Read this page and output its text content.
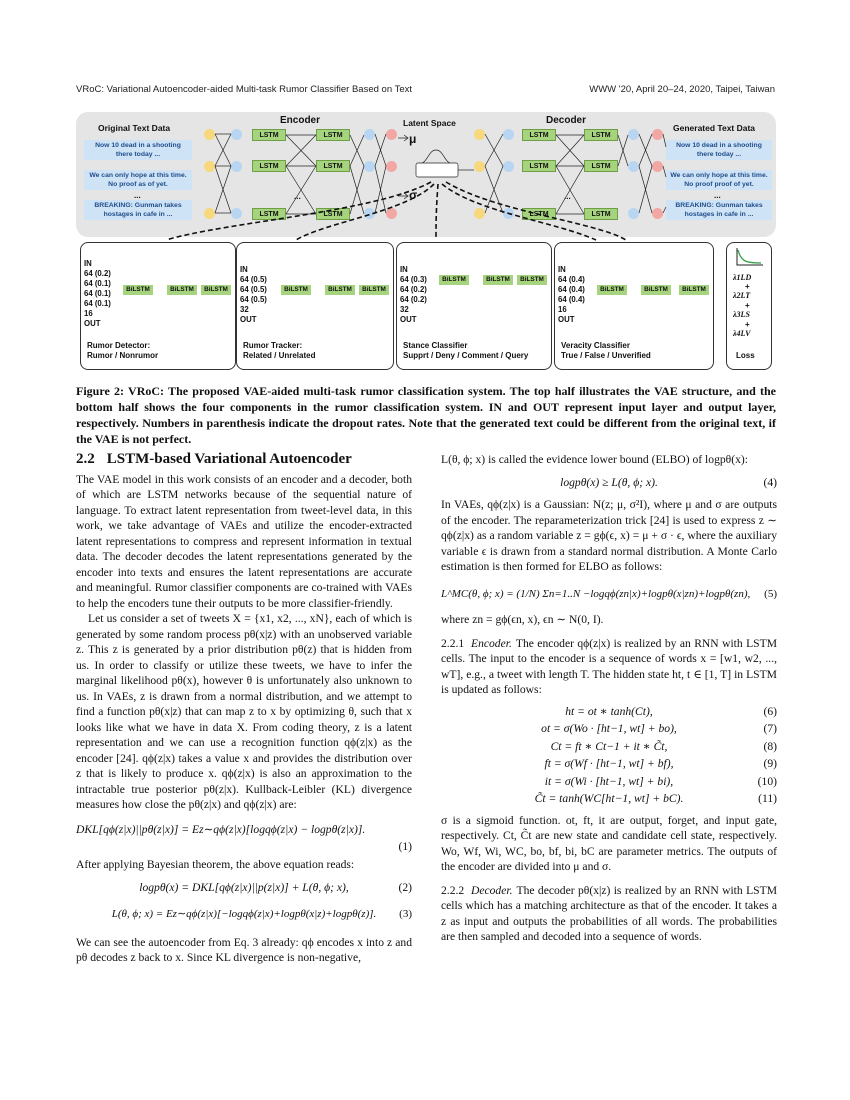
VRoC: Variational Autoencoder-aided Multi-task Rumor Classifier Based on Text	WWW '20, April 20–24, 2020, Taipei, Taiwan
Original Text Data
Encoder	Latent Space	Decoder
Generated Text Data
Now 10 dead in a shooting there today ...
We can only hope at this time. No proof as of yet.
...
BREAKING: Gunman takes hostages in cafe in ...
Now 10 dead in a shooting there today ...
We can only hope at this time. No proof proof of yet.
...
BREAKING: Gunman takes hostages in cafe in ...
LSTM
LSTM
LSTM
LSTM
LSTM
LSTM
...
μ
σ
LSTM
LSTM
LSTM
LSTM
LSTM
LSTM
...
IN
64 (0.2)
64 (0.1)
64 (0.1)
64 (0.1)
16
OUT
BiLSTM	BiLSTM	BiLSTM
Rumor Detector:
Rumor / Nonrumor
IN
64 (0.5)
64 (0.5)
64 (0.5)
32
OUT
BiLSTM	BiLSTM	BiLSTM
Rumor Tracker:
Related / Unrelated
IN
64 (0.3)
64 (0.2)
64 (0.2)
32
OUT
BiLSTM	BiLSTM	BiLSTM
Stance Classifier
Supprt / Deny / Comment / Query
IN
64 (0.4)
64 (0.4)
64 (0.4)
16
OUT
BiLSTM	BiLSTM	BiLSTM
Veracity Classifier
True / False / Unverified
λ1LD
+
λ2LT
+
λ3LS
+
λ4LV
Loss
Figure 2: VRoC: The proposed VAE-aided multi-task rumor classification system. The top half illustrates the VAE structure, and the bottom half shows the four components in the rumor classification system. IN and OUT represent input layer and output layer, respectively. Numbers in parenthesis indicate the dropout rates. Note that the generated text could be different from the original text, if the VAE is not perfect.
2.2 LSTM-based Variational Autoencoder

The VAE model in this work consists of an encoder and a decoder, both of which are LSTM networks because of the sequential nature of language. To extract latent representation from tweet-level data, in this work, we take advantage of VAEs and utilize the encoder-extracted latent representations to compress and represent information in textual data. The decoder decodes the latent representations generated by the encoder into texts and ensures the latent representations are accurate and meaningful. Rumor classifier components are co-trained with VAEs to help the encoders tune their outputs to be more classifier-friendly.

Let us consider a set of tweets X = {x1, x2, ..., xN}, each of which is generated by some random process pθ(x|z) with an unobserved variable z. This z is generated by a prior distribution pθ(z) that is hidden from us. In order to classify or utilize these tweets, we have to infer the marginal likelihood pθ(x), however θ is unfortunately also unknown to us. In VAEs, z is drawn from a normal distribution, and we attempt to find a function pθ(x|z) that can map z to x by optimizing θ, such that x looks like what we have in data X. From coding theory, z is a latent representation and we can use a recognition function qϕ(z|x) as the encoder [24]. qϕ(z|x) takes a value x and provides the distribution over z that is likely to produce x. qϕ(z|x) is also an approximation to the intractable true posterior pθ(z|x). Kullback-Leibler (KL) divergence measures how close the pθ(z|x) and qϕ(z|x) are:

DKL[qϕ(z|x)||pθ(z|x)] = Ez∼qϕ(z|x)[logqϕ(z|x) − logpθ(z|x)].
(1)

After applying Bayesian theorem, the above equation reads:

logpθ(x) = DKL[qϕ(z|x)||p(z|x)] + L(θ, ϕ; x),	(2)
L(θ, ϕ; x) = Ez∼qϕ(z|x)[−logqϕ(z|x)+logpθ(x|z)+logpθ(z)]. (3)

We can see the autoencoder from Eq. 3 already: qϕ encodes x into z and pθ decodes z back to x. Since KL divergence is non-negative,

L(θ, ϕ; x) is called the evidence lower bound (ELBO) of logpθ(x):

logpθ(x) ≥ L(θ, ϕ; x).	(4)

In VAEs, qϕ(z|x) is a Gaussian: N(z; μ, σ²I), where μ and σ are outputs of the encoder. The reparameterization trick [24] is used to express z ∼ qϕ(z|x) as a random variable z = gϕ(ϵ, x) = μ + σ · ϵ, where the auxiliary variable ϵ is drawn from a standard normal distribution. A Monte Carlo estimation is then formed for ELBO as follows:

L^MC(θ, ϕ; x) = (1/N) Σn=1..N −logqϕ(zn|x)+logpθ(x|zn)+logpθ(zn), (5)

where zn = gϕ(ϵn, x), ϵn ∼ N(0, I).

2.2.1 Encoder. The encoder qϕ(z|x) is realized by an RNN with LSTM cells. The input to the encoder is a sequence of words x = [w1, w2, ..., wT], e.g., a tweet with length T. The hidden state ht, t ∈ [1, T] in LSTM is updated as follows:

ht = ot ∗ tanh(Ct),	(6)
ot = σ(Wo · [ht−1, wt] + bo),	(7)
Ct = ft ∗ Ct−1 + it ∗ C̃t,	(8)
ft = σ(Wf · [ht−1, wt] + bf),	(9)
it = σ(Wi · [ht−1, wt] + bi),	(10)
C̃t = tanh(WC[ht−1, wt] + bC).	(11)

σ is a sigmoid function. ot, ft, it are output, forget, and input gate, respectively. Ct, C̃t are new state and candidate cell state, respectively. Wo, Wf, Wi, WC, bo, bf, bi, bC are parameter metrics. The outputs of the encoder are divided into μ and σ.

2.2.2 Decoder. The decoder pθ(x|z) is realized by an RNN with LSTM cells which has a matching architecture as that of the encoder. It takes a z as input and outputs the probabilities of all words. The probabilities are then sampled and decoded into a sequence of words.
